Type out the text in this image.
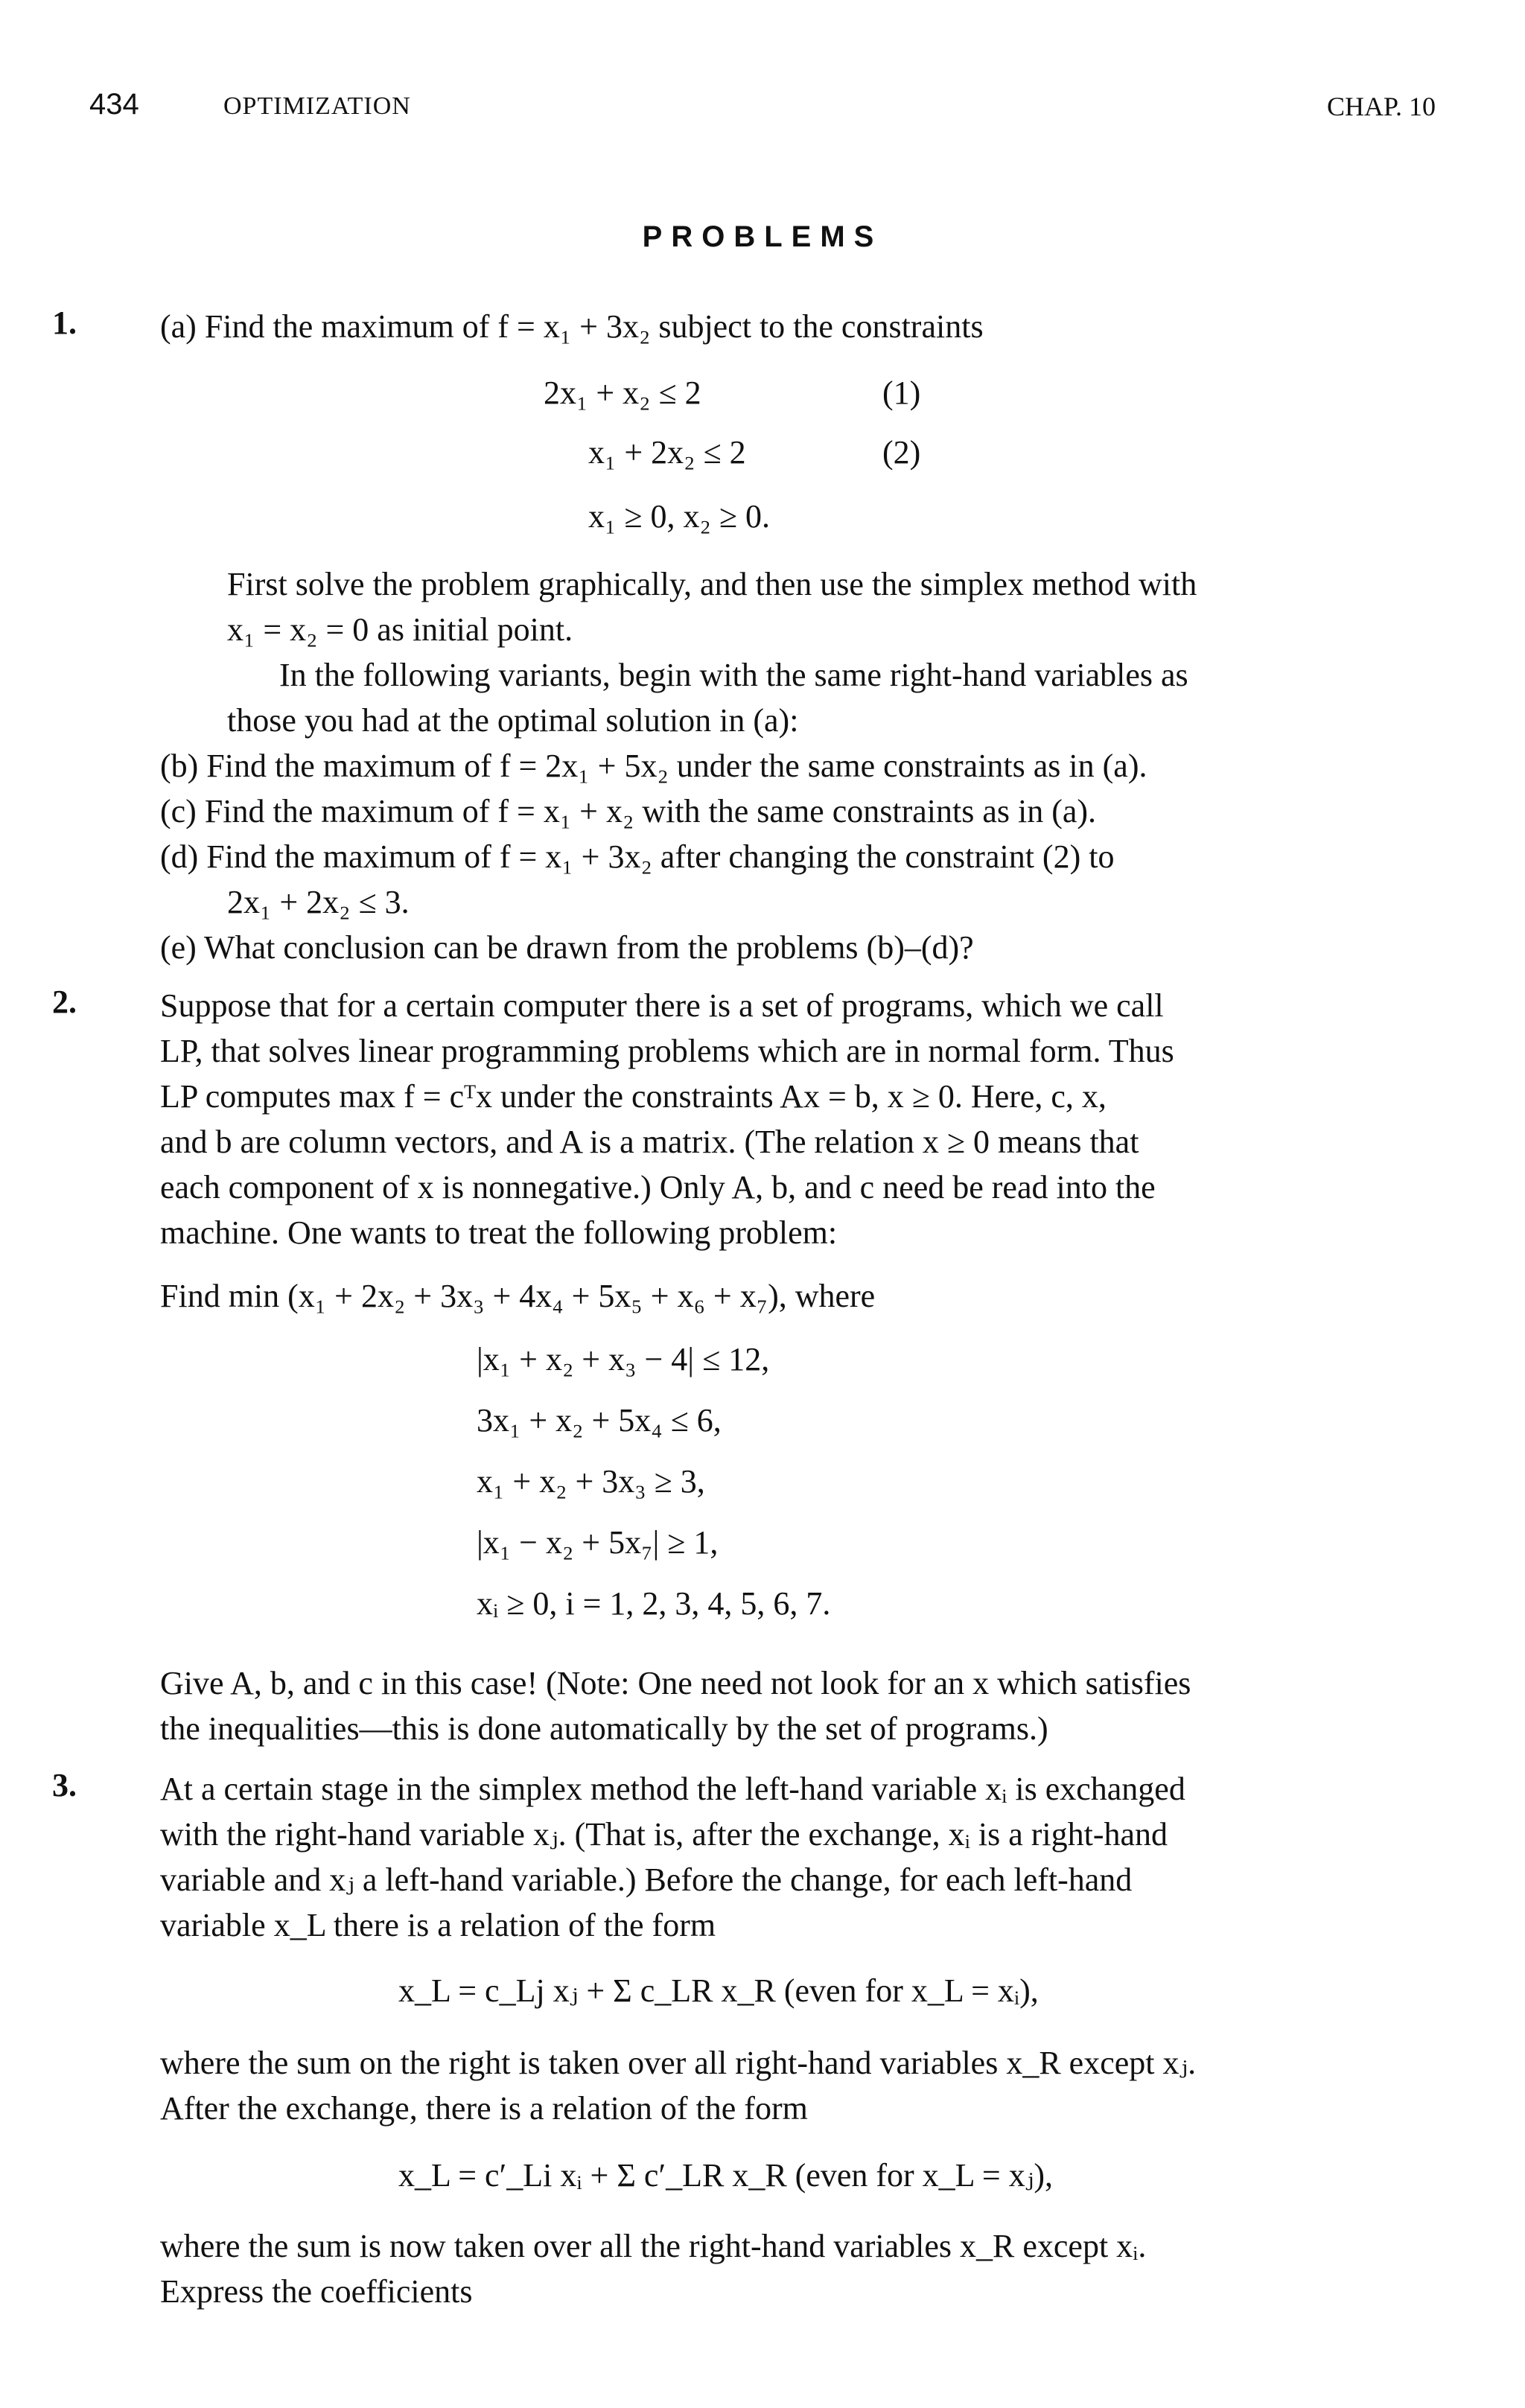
434	OPTIMIZATION	CHAP. 10
PROBLEMS
1.	(a) Find the maximum of f = x₁ + 3x₂ subject to the constraints
2x₁ + x₂ ≤ 2	(1)
x₁ + 2x₂ ≤ 2	(2)
x₁ ≥ 0, x₂ ≥ 0.
First solve the problem graphically, and then use the simplex method with
x₁ = x₂ = 0 as initial point.
In the following variants, begin with the same right-hand variables as
those you had at the optimal solution in (a):
(b) Find the maximum of f = 2x₁ + 5x₂ under the same constraints as in (a).
(c) Find the maximum of f = x₁ + x₂ with the same constraints as in (a).
(d) Find the maximum of f = x₁ + 3x₂ after changing the constraint (2) to
2x₁ + 2x₂ ≤ 3.
(e) What conclusion can be drawn from the problems (b)–(d)?
2.	Suppose that for a certain computer there is a set of programs, which we call
LP, that solves linear programming problems which are in normal form. Thus
LP computes max f = cᵀx under the constraints Ax = b, x ≥ 0. Here, c, x,
and b are column vectors, and A is a matrix. (The relation x ≥ 0 means that
each component of x is nonnegative.) Only A, b, and c need be read into the
machine. One wants to treat the following problem:
Find min (x₁ + 2x₂ + 3x₃ + 4x₄ + 5x₅ + x₆ + x₇), where
|x₁ + x₂ + x₃ − 4| ≤ 12,
3x₁ + x₂ + 5x₄ ≤ 6,
x₁ + x₂ + 3x₃ ≥ 3,
|x₁ − x₂ + 5x₇| ≥ 1,
xᵢ ≥ 0, i = 1, 2, 3, 4, 5, 6, 7.
Give A, b, and c in this case! (Note: One need not look for an x which satisfies
the inequalities—this is done automatically by the set of programs.)
3.	At a certain stage in the simplex method the left-hand variable xᵢ is exchanged
with the right-hand variable xⱼ. (That is, after the exchange, xᵢ is a right-hand
variable and xⱼ a left-hand variable.) Before the change, for each left-hand
variable x_L there is a relation of the form
x_L = c_Lj xⱼ + Σ c_LR x_R (even for x_L = xᵢ),
where the sum on the right is taken over all right-hand variables x_R except xⱼ.
After the exchange, there is a relation of the form
x_L = c′_Li xᵢ + Σ c′_LR x_R (even for x_L = xⱼ),
where the sum is now taken over all the right-hand variables x_R except xᵢ.
Express the coefficients
